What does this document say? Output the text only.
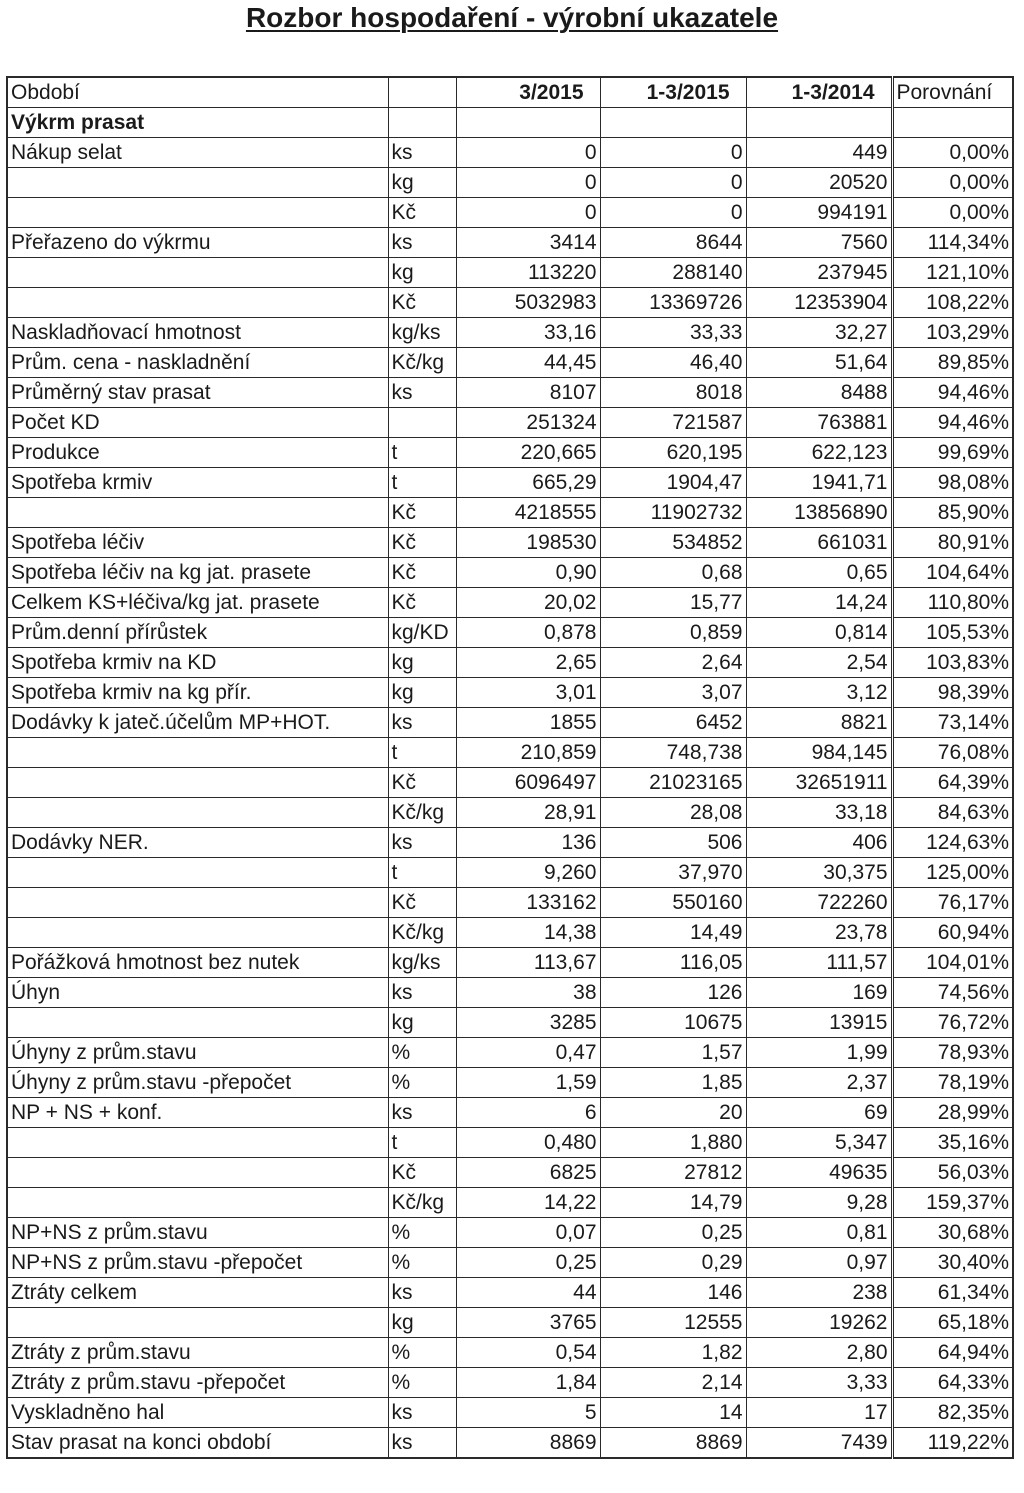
Rozbor hospodaření - výrobní ukazatele
Období		3/2015	1-3/2015	1-3/2014	Porovnání
Výkrm prasat					
Nákup selat	ks	0	0	449	0,00%
	kg	0	0	20520	0,00%
	Kč	0	0	994191	0,00%
Přeřazeno do výkrmu	ks	3414	8644	7560	114,34%
	kg	113220	288140	237945	121,10%
	Kč	5032983	13369726	12353904	108,22%
Naskladňovací hmotnost	kg/ks	33,16	33,33	32,27	103,29%
Prům. cena - naskladnění	Kč/kg	44,45	46,40	51,64	89,85%
Průměrný stav prasat	ks	8107	8018	8488	94,46%
Počet KD		251324	721587	763881	94,46%
Produkce	t	220,665	620,195	622,123	99,69%
Spotřeba krmiv	t	665,29	1904,47	1941,71	98,08%
	Kč	4218555	11902732	13856890	85,90%
Spotřeba léčiv	Kč	198530	534852	661031	80,91%
Spotřeba léčiv na kg jat. prasete	Kč	0,90	0,68	0,65	104,64%
Celkem KS+léčiva/kg jat. prasete	Kč	20,02	15,77	14,24	110,80%
Prům.denní přírůstek	kg/KD	0,878	0,859	0,814	105,53%
Spotřeba krmiv na KD	kg	2,65	2,64	2,54	103,83%
Spotřeba krmiv na kg přír.	kg	3,01	3,07	3,12	98,39%
Dodávky k jateč.účelům MP+HOT.	ks	1855	6452	8821	73,14%
	t	210,859	748,738	984,145	76,08%
	Kč	6096497	21023165	32651911	64,39%
	Kč/kg	28,91	28,08	33,18	84,63%
Dodávky NER.	ks	136	506	406	124,63%
	t	9,260	37,970	30,375	125,00%
	Kč	133162	550160	722260	76,17%
	Kč/kg	14,38	14,49	23,78	60,94%
Pořážková hmotnost bez nutek	kg/ks	113,67	116,05	111,57	104,01%
Úhyn	ks	38	126	169	74,56%
	kg	3285	10675	13915	76,72%
Úhyny z prům.stavu	%	0,47	1,57	1,99	78,93%
Úhyny z prům.stavu -přepočet	%	1,59	1,85	2,37	78,19%
NP + NS + konf.	ks	6	20	69	28,99%
	t	0,480	1,880	5,347	35,16%
	Kč	6825	27812	49635	56,03%
	Kč/kg	14,22	14,79	9,28	159,37%
NP+NS z prům.stavu	%	0,07	0,25	0,81	30,68%
NP+NS z prům.stavu -přepočet	%	0,25	0,29	0,97	30,40%
Ztráty celkem	ks	44	146	238	61,34%
	kg	3765	12555	19262	65,18%
Ztráty z prům.stavu	%	0,54	1,82	2,80	64,94%
Ztráty z prům.stavu -přepočet	%	1,84	2,14	3,33	64,33%
Vyskladněno hal	ks	5	14	17	82,35%
Stav prasat na konci období	ks	8869	8869	7439	119,22%
